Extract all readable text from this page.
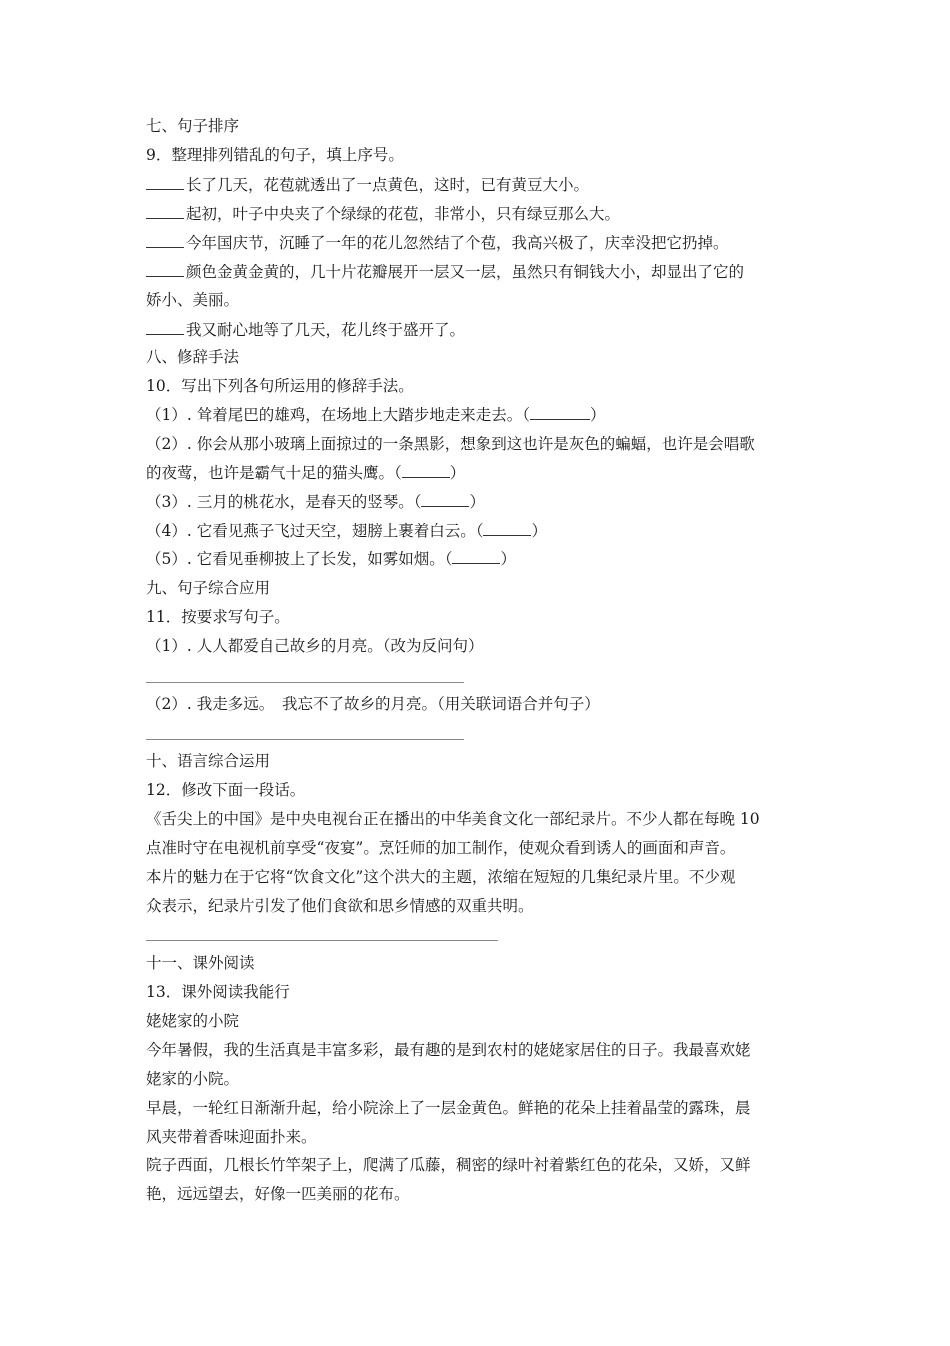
七、句子排序
9．整理排列错乱的句子，填上序号。
长了几天，花苞就透出了一点黄色，这时，已有黄豆大小。
起初，叶子中央夹了个绿绿的花苞，非常小，只有绿豆那么大。
今年国庆节，沉睡了一年的花儿忽然结了个苞，我高兴极了，庆幸没把它扔掉。
颜色金黄金黄的，几十片花瓣展开一层又一层，虽然只有铜钱大小，却显出了它的
娇小、美丽。
我又耐心地等了几天，花儿终于盛开了。
八、修辞手法
10．写出下列各句所运用的修辞手法。
（1）. 耸着尾巴的雄鸡，在场地上大踏步地走来走去。（	）
（2）. 你会从那小玻璃上面掠过的一条黑影，想象到这也许是灰色的蝙蝠，也许是会唱歌
的夜莺，也许是霸气十足的猫头鹰。（	）
（3）. 三月的桃花水，是春天的竖琴。（	）
（4）. 它看见燕子飞过天空，翅膀上裹着白云。（	）
（5）. 它看见垂柳披上了长发，如雾如烟。（	）
九、句子综合应用
11．按要求写句子。
（1）. 人人都爱自己故乡的月亮。（改为反问句）
（2）. 我走多远。　我忘不了故乡的月亮。（用关联词语合并句子）
十、语言综合运用
12．修改下面一段话。
《舌尖上的中国》是中央电视台正在播出的中华美食文化一部纪录片。不少人都在每晚 10
点准时守在电视机前享受“夜宴”。烹饪师的加工制作，使观众看到诱人的画面和声音。
本片的魅力在于它将“饮食文化”这个洪大的主题，浓缩在短短的几集纪录片里。不少观
众表示，纪录片引发了他们食欲和思乡情感的双重共明。
十一、课外阅读
13．课外阅读我能行
姥姥家的小院
今年暑假，我的生活真是丰富多彩，最有趣的是到农村的姥姥家居住的日子。我最喜欢姥
姥家的小院。
早晨，一轮红日渐渐升起，给小院涂上了一层金黄色。鲜艳的花朵上挂着晶莹的露珠，晨
风夹带着香味迎面扑来。
院子西面，几根长竹竿架子上，爬满了瓜藤，稠密的绿叶衬着紫红色的花朵，又娇，又鲜
艳，远远望去，好像一匹美丽的花布。
